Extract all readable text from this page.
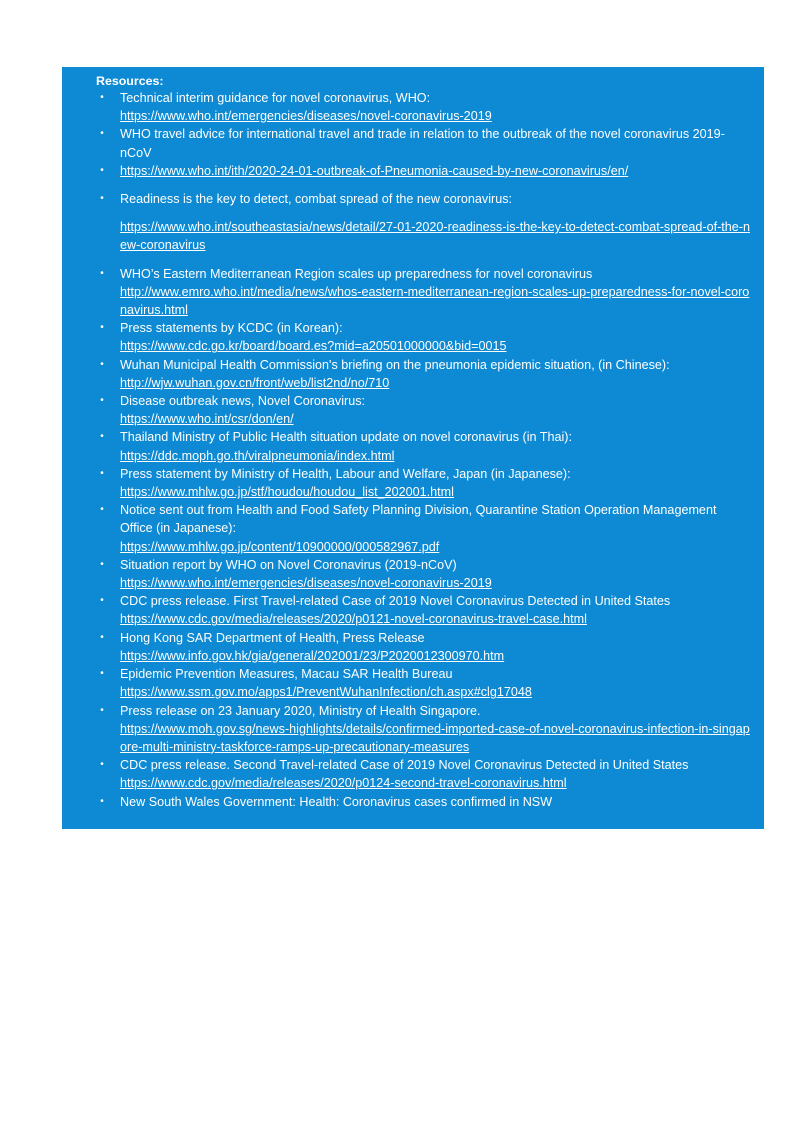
Resources:
•	Technical interim guidance for novel coronavirus, WHO:
https://www.who.int/emergencies/diseases/novel-coronavirus-2019
•	WHO travel advice for international travel and trade in relation to the outbreak of the novel coronavirus 2019-nCoV
•	https://www.who.int/ith/2020-24-01-outbreak-of-Pneumonia-caused-by-new-coronavirus/en/
•	Readiness is the key to detect, combat spread of the new coronavirus:
https://www.who.int/southeastasia/news/detail/27-01-2020-readiness-is-the-key-to-detect-combat-spread-of-the-new-coronavirus
•	WHO’s Eastern Mediterranean Region scales up preparedness for novel coronavirus
http://www.emro.who.int/media/news/whos-eastern-mediterranean-region-scales-up-preparedness-for-novel-coronavirus.html
•	Press statements by KCDC (in Korean):
https://www.cdc.go.kr/board/board.es?mid=a20501000000&bid=0015
•	Wuhan Municipal Health Commission's briefing on the pneumonia epidemic situation, (in Chinese):
http://wjw.wuhan.gov.cn/front/web/list2nd/no/710
•	Disease outbreak news, Novel Coronavirus:
https://www.who.int/csr/don/en/
•	Thailand Ministry of Public Health situation update on novel coronavirus (in Thai):
https://ddc.moph.go.th/viralpneumonia/index.html
•	Press statement by Ministry of Health, Labour and Welfare, Japan (in Japanese):
https://www.mhlw.go.jp/stf/houdou/houdou_list_202001.html
•	Notice sent out from Health and Food Safety Planning Division, Quarantine Station Operation Management Office (in Japanese):
https://www.mhlw.go.jp/content/10900000/000582967.pdf
•	Situation report by WHO on Novel Coronavirus (2019-nCoV)
https://www.who.int/emergencies/diseases/novel-coronavirus-2019
•	CDC press release. First Travel-related Case of 2019 Novel Coronavirus Detected in United States
https://www.cdc.gov/media/releases/2020/p0121-novel-coronavirus-travel-case.html
•	Hong Kong SAR Department of Health, Press Release
https://www.info.gov.hk/gia/general/202001/23/P2020012300970.htm
•	Epidemic Prevention Measures, Macau SAR Health Bureau
https://www.ssm.gov.mo/apps1/PreventWuhanInfection/ch.aspx#clg17048
•	Press release on 23 January 2020, Ministry of Health Singapore.
https://www.moh.gov.sg/news-highlights/details/confirmed-imported-case-of-novel-coronavirus-infection-in-singapore-multi-ministry-taskforce-ramps-up-precautionary-measures
•	CDC press release. Second Travel-related Case of 2019 Novel Coronavirus Detected in United States
https://www.cdc.gov/media/releases/2020/p0124-second-travel-coronavirus.html
•	New South Wales Government: Health: Coronavirus cases confirmed in NSW
